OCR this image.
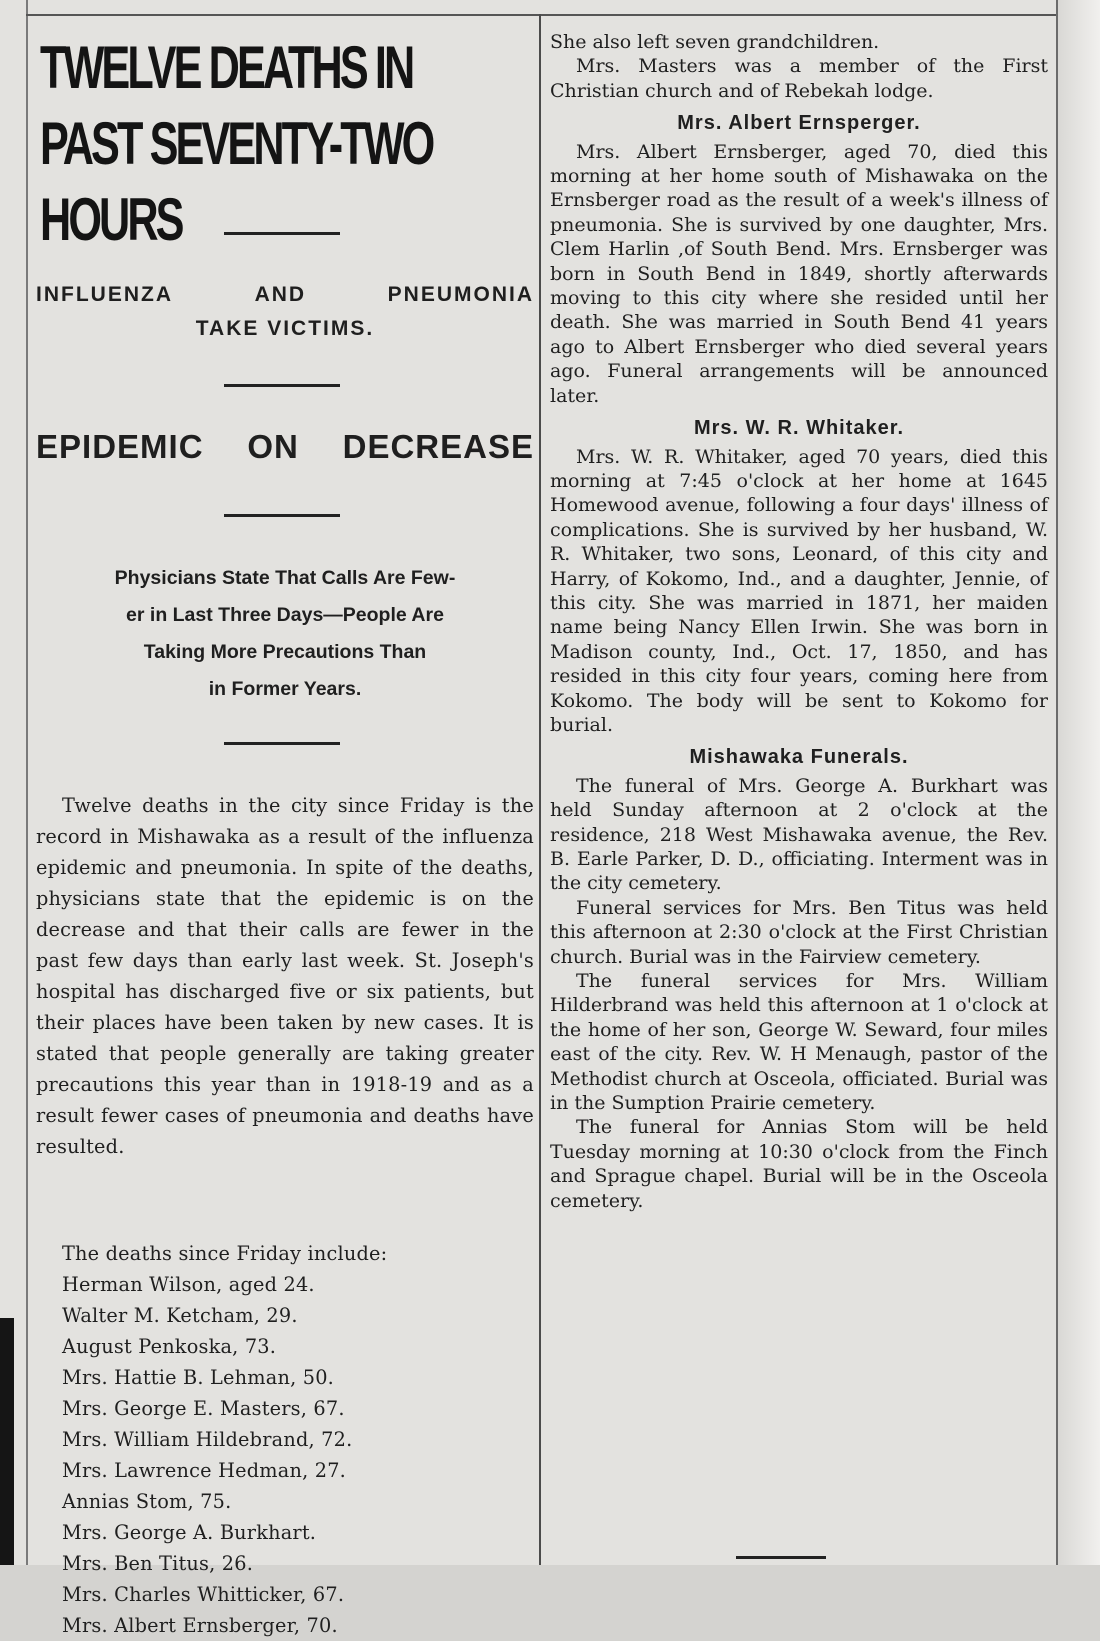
TWELVE DEATHS IN
PAST SEVENTY-TWO HOURS
INFLUENZA	AND	PNEUMONIA
TAKE VICTIMS.
EPIDEMIC ON DECREASE
Physicians State That Calls Are Few-
er in Last Three Days—People Are
Taking More Precautions Than
in Former Years.

Twelve deaths in the city since Friday is the record in Mishawaka as a result of the influenza epidemic and pneumonia. In spite of the deaths, physicians state that the epidemic is on the decrease and that their calls are fewer in the past few days than early last week. St. Joseph's hospital has discharged five or six patients, but their places have been taken by new cases. It is stated that people generally are taking greater precautions this year than in 1918-19 and as a result fewer cases of pneumonia and deaths have resulted.

The deaths since Friday include:
Herman Wilson, aged 24.
Walter M. Ketcham, 29.
August Penkoska, 73.
Mrs. Hattie B. Lehman, 50.
Mrs. George E. Masters, 67.
Mrs. William Hildebrand, 72.
Mrs. Lawrence Hedman, 27.
Annias Stom, 75.
Mrs. George A. Burkhart.
Mrs. Ben Titus, 26.
Mrs. Charles Whitticker, 67.
Mrs. Albert Ernsberger, 70.

She also left seven grandchildren.

Mrs. Masters was a member of the First Christian church and of Rebekah lodge.

Mrs. Albert Ernsperger.

Mrs. Albert Ernsberger, aged 70, died this morning at her home south of Mishawaka on the Ernsberger road as the result of a week's illness of pneumonia. She is survived by one daughter, Mrs. Clem Harlin ,of South Bend. Mrs. Ernsberger was born in South Bend in 1849, shortly afterwards moving to this city where she resided until her death. She was married in South Bend 41 years ago to Albert Ernsberger who died several years ago. Funeral arrangements will be announced later.

Mrs. W. R. Whitaker.

Mrs. W. R. Whitaker, aged 70 years, died this morning at 7:45 o'clock at her home at 1645 Homewood avenue, following a four days' illness of complications. She is survived by her husband, W. R. Whitaker, two sons, Leonard, of this city and Harry, of Kokomo, Ind., and a daughter, Jennie, of this city. She was married in 1871, her maiden name being Nancy Ellen Irwin. She was born in Madison county, Ind., Oct. 17, 1850, and has resided in this city four years, coming here from Kokomo. The body will be sent to Kokomo for burial.

Mishawaka Funerals.

The funeral of Mrs. George A. Burkhart was held Sunday afternoon at 2 o'clock at the residence, 218 West Mishawaka avenue, the Rev. B. Earle Parker, D. D., officiating. Interment was in the city cemetery.

Funeral services for Mrs. Ben Titus was held this afternoon at 2:30 o'clock at the First Christian church. Burial was in the Fairview cemetery.

The funeral services for Mrs. William Hilderbrand was held this afternoon at 1 o'clock at the home of her son, George W. Seward, four miles east of the city. Rev. W. H Menaugh, pastor of the Methodist church at Osceola, officiated. Burial was in the Sumption Prairie cemetery.

The funeral for Annias Stom will be held Tuesday morning at 10:30 o'clock from the Finch and Sprague chapel. Burial will be in the Osceola cemetery.
